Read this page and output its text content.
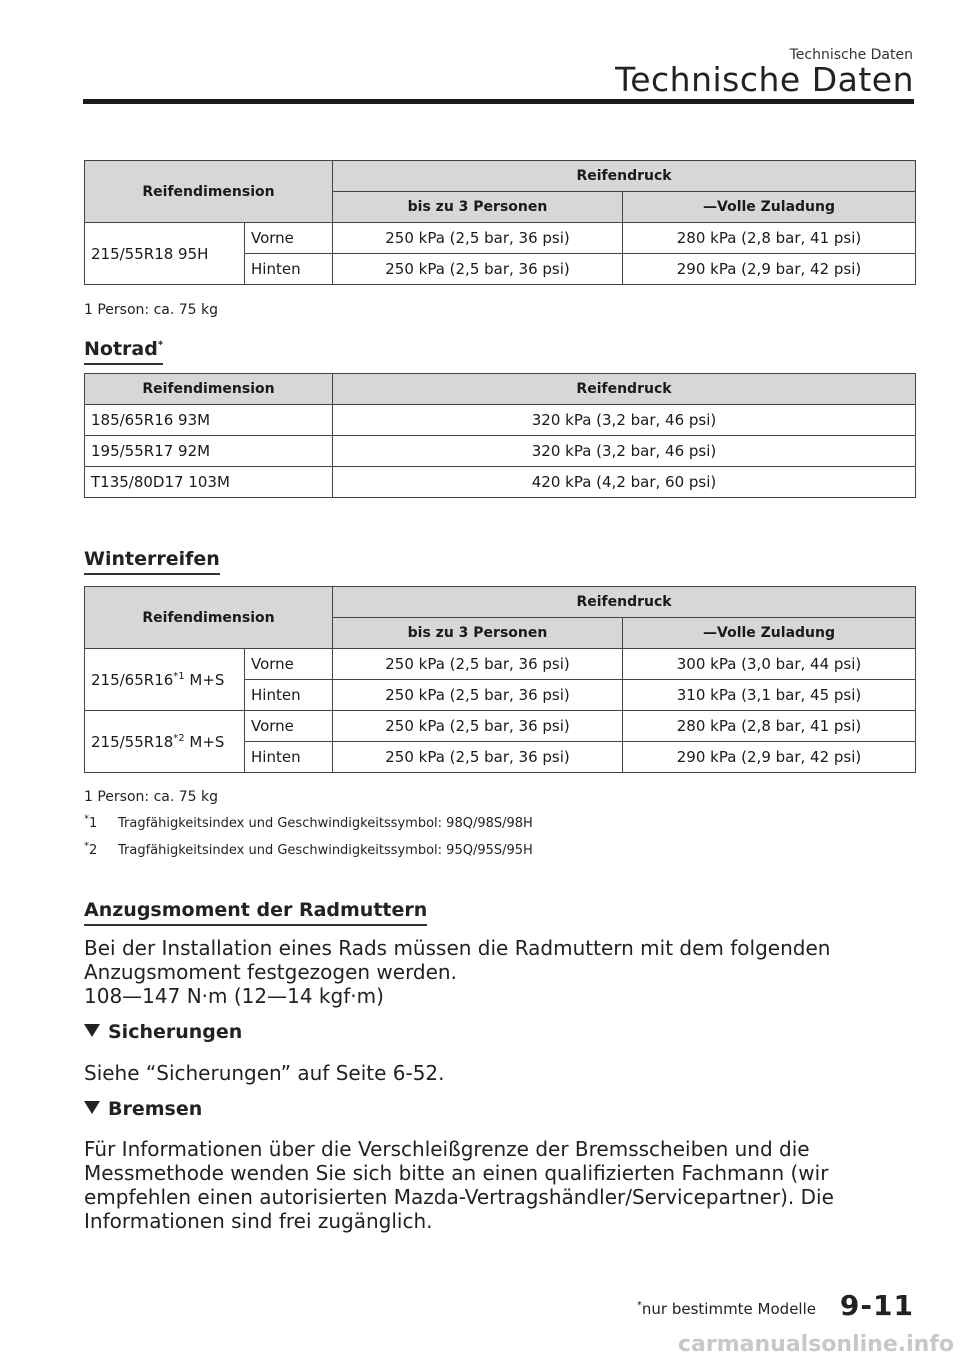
Technische Daten
Technische Daten
Reifendimension		Reifendruck	
		bis zu 3 Personen	—Volle Zuladung
215/55R18 95H	Vorne	250 kPa (2,5 bar, 36 psi)	280 kPa (2,8 bar, 41 psi)
	Hinten	250 kPa (2,5 bar, 36 psi)	290 kPa (2,9 bar, 42 psi)
1 Person: ca. 75 kg
Notrad*
Reifendimension	Reifendruck
185/65R16 93M	320 kPa (3,2 bar, 46 psi)
195/55R17 92M	320 kPa (3,2 bar, 46 psi)
T135/80D17 103M	420 kPa (4,2 bar, 60 psi)
Winterreifen
Reifendimension		Reifendruck	
		bis zu 3 Personen	—Volle Zuladung
215/65R16$^{*1}$ M+S	Vorne	250 kPa (2,5 bar, 36 psi)	300 kPa (3,0 bar, 44 psi)
	Hinten	250 kPa (2,5 bar, 36 psi)	310 kPa (3,1 bar, 45 psi)
215/55R18$^{*2}$ M+S	Vorne	250 kPa (2,5 bar, 36 psi)	280 kPa (2,8 bar, 41 psi)
	Hinten	250 kPa (2,5 bar, 36 psi)	290 kPa (2,9 bar, 42 psi)
1 Person: ca. 75 kg
*1 Tragfähigkeitsindex und Geschwindigkeitssymbol: 98Q/98S/98H
*2 Tragfähigkeitsindex und Geschwindigkeitssymbol: 95Q/95S/95H
Anzugsmoment der Radmuttern
Bei der Installation eines Rads müssen die Radmuttern mit dem folgenden
Anzugsmoment festgezogen werden.
108—147 N·m (12—14 kgf·m)
Sicherungen
Siehe “Sicherungen” auf Seite 6-52.
Bremsen
Für Informationen über die Verschleißgrenze der Bremsscheiben und die
Messmethode wenden Sie sich bitte an einen qualifizierten Fachmann (wir
empfehlen einen autorisierten Mazda-Vertragshändler/Servicepartner). Die
Informationen sind frei zugänglich.
*nur bestimmte Modelle 9-11
carmanualsonline.info
